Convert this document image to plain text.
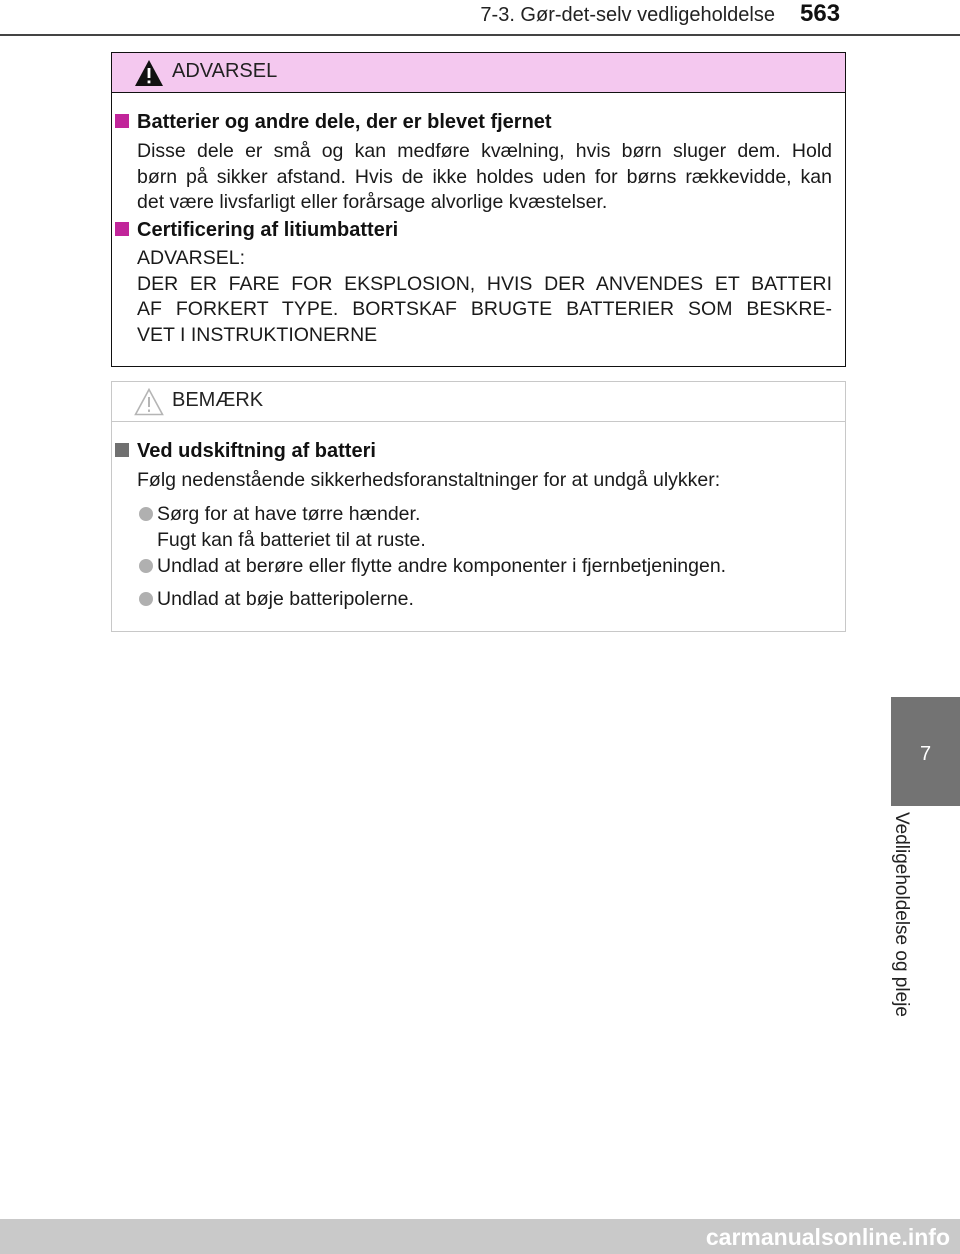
7-3. Gør-det-selv vedligeholdelse 563
ADVARSEL
Batterier og andre dele, der er blevet fjernet
Disse dele er små og kan medføre kvælning, hvis børn sluger dem. Hold
børn på sikker afstand. Hvis de ikke holdes uden for børns rækkevidde, kan
det være livsfarligt eller forårsage alvorlige kvæstelser.
Certificering af litiumbatteri
ADVARSEL:
DER ER FARE FOR EKSPLOSION, HVIS DER ANVENDES ET BATTERI
AF FORKERT TYPE. BORTSKAF BRUGTE BATTERIER SOM BESKRE-
VET I INSTRUKTIONERNE
BEMÆRK
Ved udskiftning af batteri
Følg nedenstående sikkerhedsforanstaltninger for at undgå ulykker:
Sørg for at have tørre hænder.
Fugt kan få batteriet til at ruste.
Undlad at berøre eller flytte andre komponenter i fjernbetjeningen.
Undlad at bøje batteripolerne.
7
Vedligeholdelse og pleje
carmanualsonline.info
